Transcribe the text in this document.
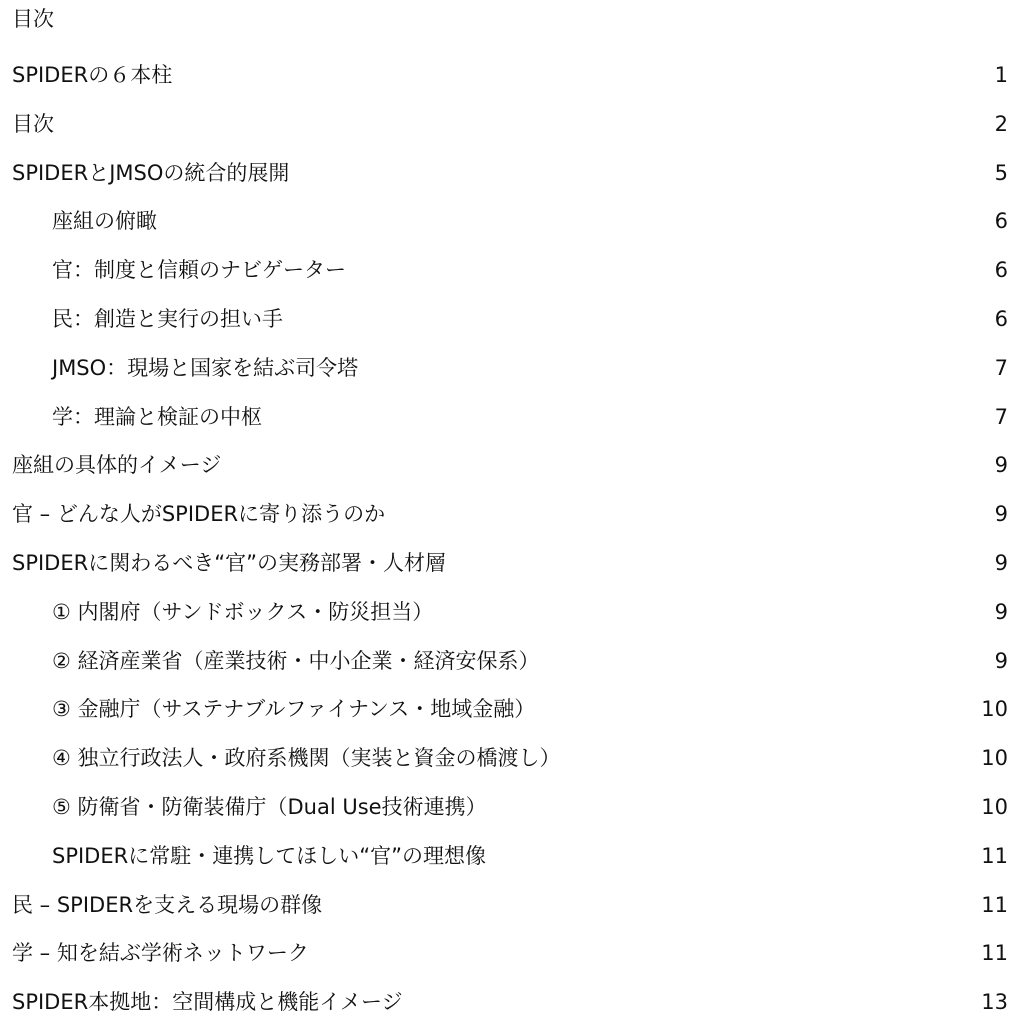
目次
SPIDERの６本柱	1
目次	2
SPIDERとJMSOの統合的展開	5
座組の俯瞰	6
官：制度と信頼のナビゲーター	6
民：創造と実行の担い手	6
JMSO：現場と国家を結ぶ司令塔	7
学：理論と検証の中枢	7
座組の具体的イメージ	9
官 – どんな人がSPIDERに寄り添うのか	9
SPIDERに関わるべき“官”の実務部署・人材層	9
① 内閣府（サンドボックス・防災担当）	9
② 経済産業省（産業技術・中小企業・経済安保系）	9
③ 金融庁（サステナブルファイナンス・地域金融）	10
④ 独立行政法人・政府系機関（実装と資金の橋渡し）	10
⑤ 防衛省・防衛装備庁（Dual Use技術連携）	10
SPIDERに常駐・連携してほしい“官”の理想像	11
民 – SPIDERを支える現場の群像	11
学 – 知を結ぶ学術ネットワーク	11
SPIDER本拠地：空間構成と機能イメージ	13
